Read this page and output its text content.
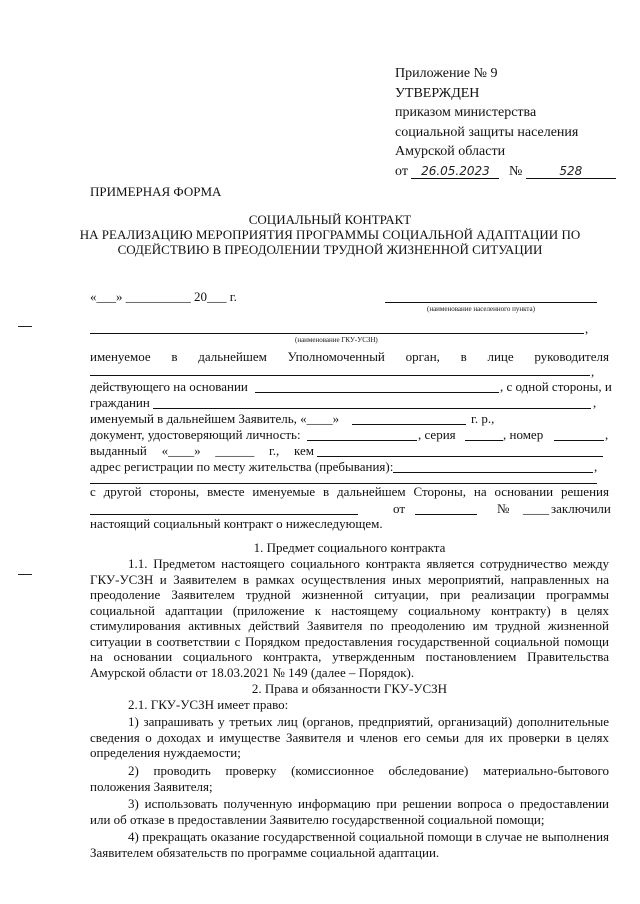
Приложение № 9
УТВЕРЖДЕН
приказом министерства
социальной защиты населения
Амурской области
от 26.05.2023 №	528
ПРИМЕРНАЯ ФОРМА
СОЦИАЛЬНЫЙ КОНТРАКТ
НА РЕАЛИЗАЦИЮ МЕРОПРИЯТИЯ ПРОГРАММЫ СОЦИАЛЬНОЙ АДАПТАЦИИ ПО
СОДЕЙСТВИЮ В ПРЕОДОЛЕНИИ ТРУДНОЙ ЖИЗНЕННОЙ СИТУАЦИИ
«___» __________ 20___ г.
(наименование населенного пункта)
,
(наименование ГКУ-УСЗН)
именуемое в дальнейшем Уполномоченный орган, в лице руководителя
,
действующего на основании	, с одной стороны, и
гражданин	,
именуемый в дальнейшем Заявитель, «____»	г. р.,
документ, удостоверяющий личность:	, серия	, номер	,
выданный «____» ______ г., кем
адрес регистрации по месту жительства (пребывания):	,
с другой стороны, вместе именуемые в дальнейшем Стороны, на основании решения
от	№ ____ заключили
настоящий социальный контракт о нижеследующем.
1. Предмет социального контракта
1.1. Предметом настоящего социального контракта является сотрудничество между ГКУ-УСЗН и Заявителем в рамках осуществления иных мероприятий, направленных на преодоление Заявителем трудной жизненной ситуации, при реализации программы социальной адаптации (приложение к настоящему социальному контракту) в целях стимулирования активных действий Заявителя по преодолению им трудной жизненной ситуации в соответствии с Порядком предоставления государственной социальной помощи на основании социального контракта, утвержденным постановлением Правительства Амурской области от 18.03.2021 № 149 (далее – Порядок).
2. Права и обязанности ГКУ-УСЗН
2.1. ГКУ-УСЗН имеет право:
1) запрашивать у третьих лиц (органов, предприятий, организаций) дополнительные сведения о доходах и имуществе Заявителя и членов его семьи для их проверки в целях определения нуждаемости;
2) проводить проверку (комиссионное обследование) материально-бытового положения Заявителя;
3) использовать полученную информацию при решении вопроса о предоставлении или об отказе в предоставлении Заявителю государственной социальной помощи;
4) прекращать оказание государственной социальной помощи в случае не выполнения Заявителем обязательств по программе социальной адаптации.
